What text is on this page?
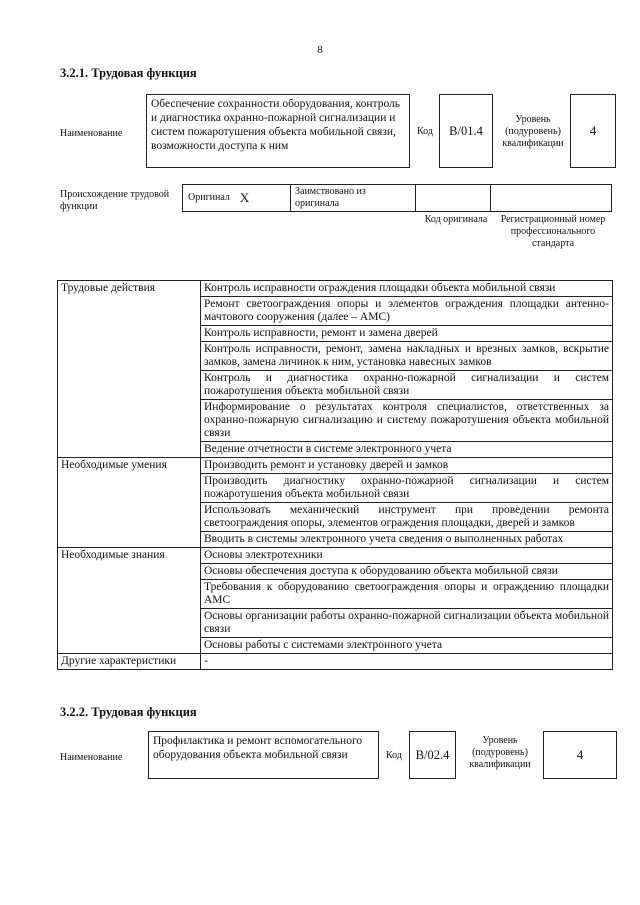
8
3.2.1. Трудовая функция
Наименование
Обеспечение сохранности оборудования, контроль и диагностика охранно-пожарной сигнализации и систем пожаротушения объекта мобильной связи, возможности доступа к ним
Код	B/01.4
Уровень (подуровень) квалификации
4
Происхождение трудовой функции
Оригинал X	Заимствовано из оригинала
Код оригинала	Регистрационный номер профессионального стандарта
Трудовые действия	Контроль исправности ограждения площадки объекта мобильной связи
	Ремонт светоограждения опоры и элементов ограждения площадки антенно-мачтового сооружения (далее – АМС)
	Контроль исправности, ремонт и замена дверей
	Контроль исправности, ремонт, замена накладных и врезных замков, вскрытие замков, замена личинок к ним, установка навесных замков
	Контроль и диагностика охранно-пожарной сигнализации и систем пожаротушения объекта мобильной связи
	Информирование о результатах контроля специалистов, ответственных за охранно-пожарную сигнализацию и систему пожаротушения объекта мобильной связи
	Ведение отчетности в системе электронного учета
Необходимые умения	Производить ремонт и установку дверей и замков
	Производить диагностику охранно-пожарной сигнализации и систем пожаротушения объекта мобильной связи
	Использовать механический инструмент при проведении ремонта светоограждения опоры, элементов ограждения площадки, дверей и замков
	Вводить в системы электронного учета сведения о выполненных работах
Необходимые знания	Основы электротехники
	Основы обеспечения доступа к оборудованию объекта мобильной связи
	Требования к оборудованию светоограждения опоры и ограждению площадки АМС
	Основы организации работы охранно-пожарной сигнализации объекта мобильной связи
	Основы работы с системами электронного учета
Другие характеристики	-
3.2.2. Трудовая функция
Наименование
Профилактика и ремонт вспомогательного оборудования объекта мобильной связи	Код	B/02.4
Уровень (подуровень) квалификации
4
